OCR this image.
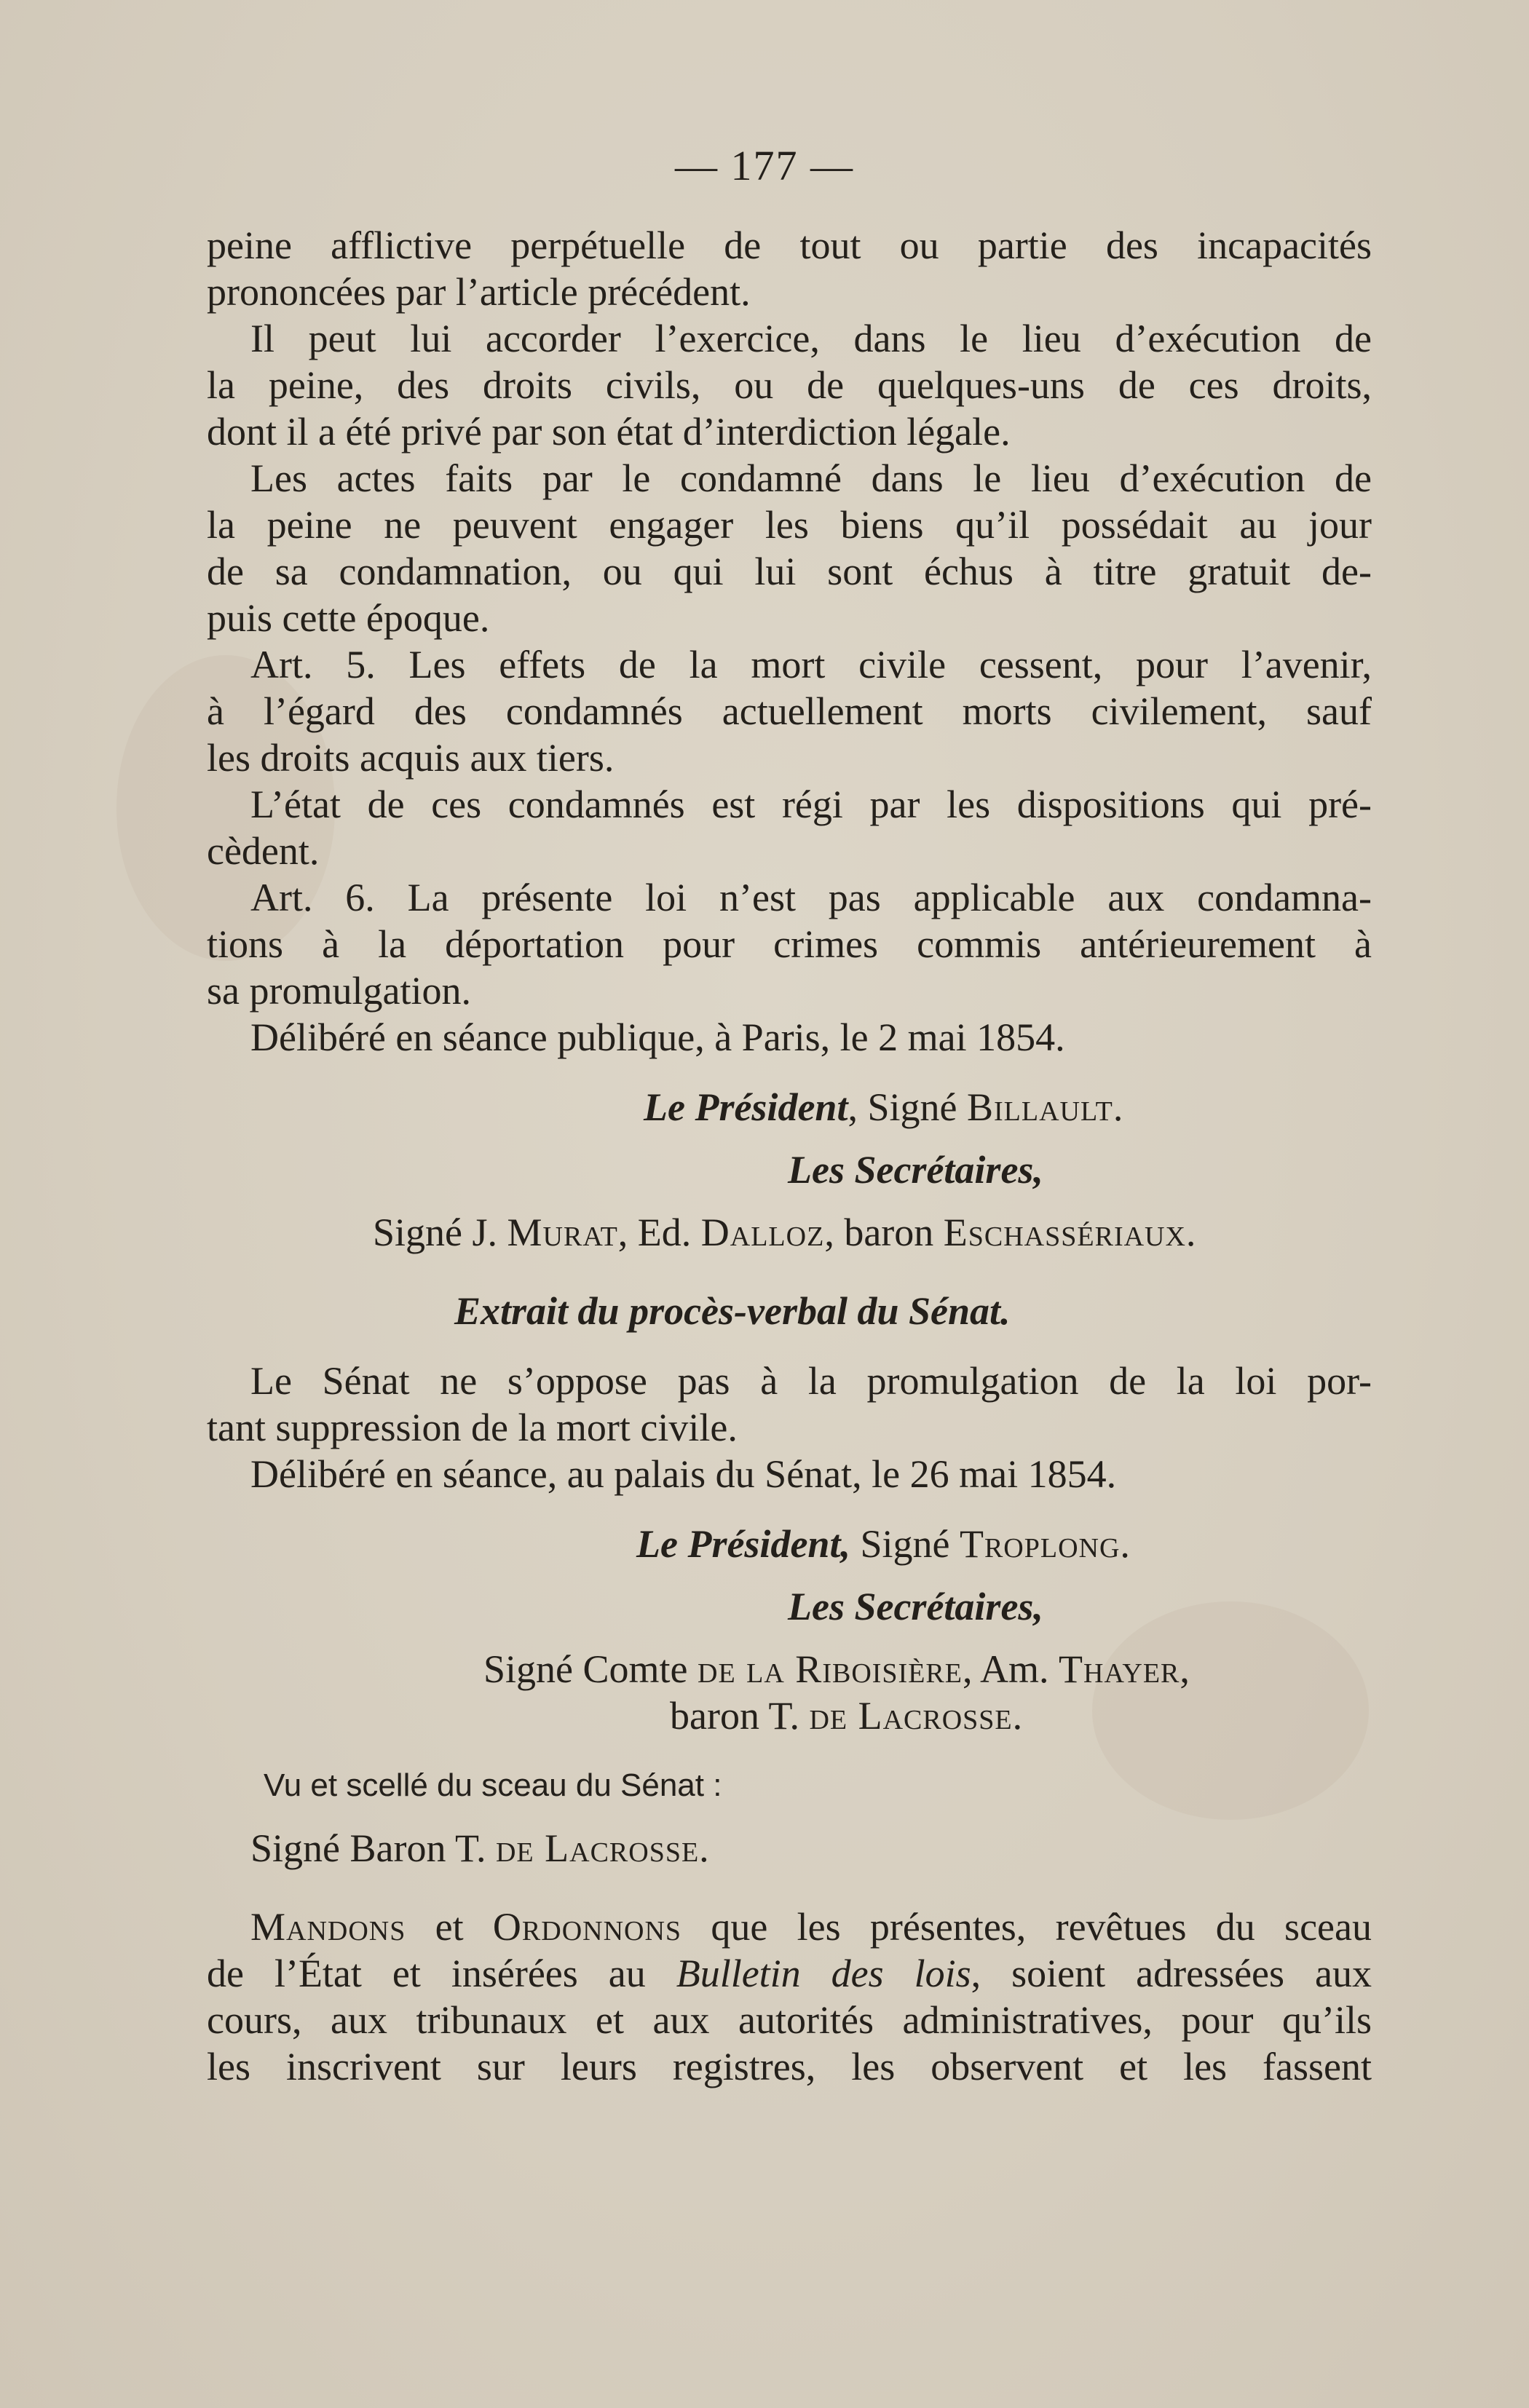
— 177 —
peine afflictive perpétuelle de tout ou partie des incapacités
prononcées par l’article précédent.
Il peut lui accorder l’exercice, dans le lieu d’exécution de
la peine, des droits civils, ou de quelques-uns de ces droits,
dont il a été privé par son état d’interdiction légale.
Les actes faits par le condamné dans le lieu d’exécution de
la peine ne peuvent engager les biens qu’il possédait au jour
de sa condamnation, ou qui lui sont échus à titre gratuit de-
puis cette époque.
Art. 5. Les effets de la mort civile cessent, pour l’avenir,
à l’égard des condamnés actuellement morts civilement, sauf
les droits acquis aux tiers.
L’état de ces condamnés est régi par les dispositions qui pré-
cèdent.
Art. 6. La présente loi n’est pas applicable aux condamna-
tions à la déportation pour crimes commis antérieurement à
sa promulgation.
Délibéré en séance publique, à Paris, le 2 mai 1854.
Le Président, Signé Billault.
Les Secrétaires,
Signé J. Murat, Ed. Dalloz, baron Eschassériaux.
Extrait du procès-verbal du Sénat.
Le Sénat ne s’oppose pas à la promulgation de la loi por-
tant suppression de la mort civile.
Délibéré en séance, au palais du Sénat, le 26 mai 1854.
Le Président, Signé Troplong.
Les Secrétaires,
Signé Comte de la Riboisière, Am. Thayer,
baron T. de Lacrosse.
Vu et scellé du sceau du Sénat :
Signé Baron T. de Lacrosse.
Mandons et Ordonnons que les présentes, revêtues du sceau
de l’État et insérées au Bulletin des lois, soient adressées aux
cours, aux tribunaux et aux autorités administratives, pour qu’ils
les inscrivent sur leurs registres, les observent et les fassent
